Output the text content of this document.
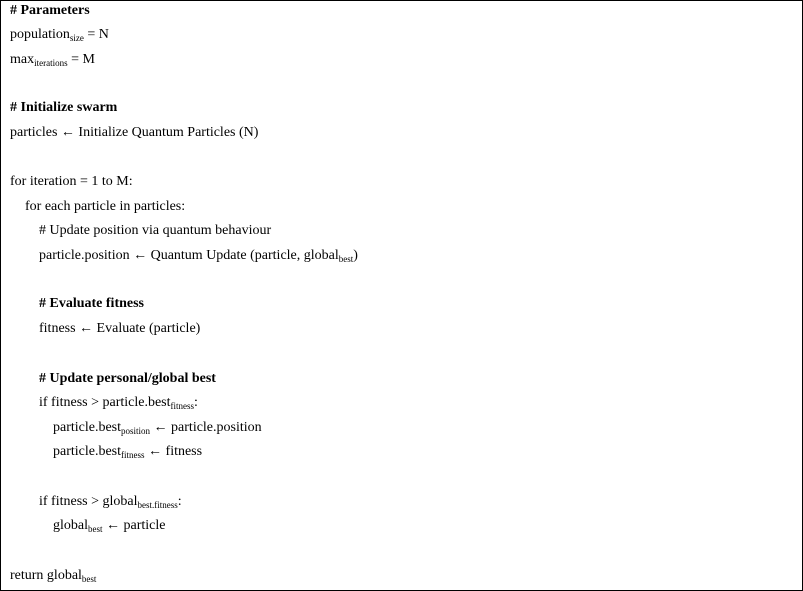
# Parameters
population$_{size}$ = N
$\max_{iterations} = M$
# Initialize swarm
particles ← Initialize Quantum Particles (N)
for iteration = 1 to M:
for each particle in particles:
# Update position via quantum behaviour
particle.position ← Quantum Update (particle, global$_{best}$)
# Evaluate fitness
fitness ← Evaluate (particle)
# Update personal/global best
if fitness > particle.best$_{fitness}$:
particle.best$_{position}$ ← particle.position
particle.best$_{fitness}$ ← fitness
if fitness > global$_{best.fitness}$:
global$_{best}$ ← particle
return global$_{best}$
